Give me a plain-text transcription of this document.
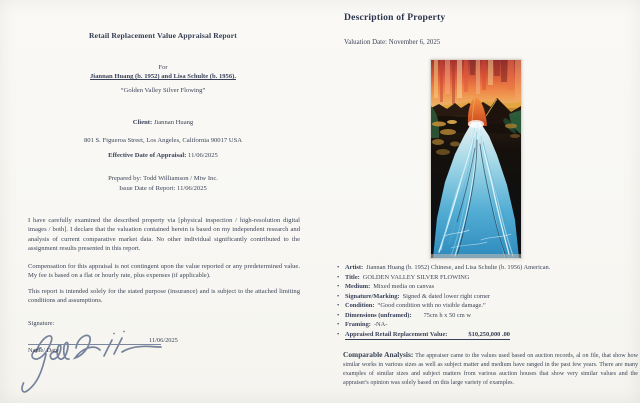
Retail Replacement Value Appraisal Report
For
Jiannan Huang (b. 1952) and Lisa Schulte (b. 1956).
“Golden Valley Silver Flowing”
Client: Jiannan Huang
801 S. Figueroa Street, Los Angeles, California 90017 USA
Effective Date of Appraisal: 11/06/2025
Prepared by: Todd Williamson / Mtw Inc.
Issue Date of Report: 11/06/2025

I have carefully examined the described property via [physical inspection / high-resolution digital images / both]. I declare that the valuation contained herein is based on my independent research and analysis of current comparative market data. No other individual significantly contributed to the assignment results presented in this report.

Compensation for this appraisal is not contingent upon the value reported or any predetermined value. My fee is based on a flat or hourly rate, plus expenses (if applicable).

This report is intended solely for the stated purpose (insurance) and is subject to the attached limiting conditions and assumptions.

Signature:
11/06/2025
Name/ Date
Description of Property
Valuation Date: November 6, 2025
• Artist: Jiannan Huang (b. 1952) Chinese, and Lisa Schulte (b. 1956) American.
• Title: GOLDEN VALLEY SILVER FLOWING
• Medium: Mixed media on canvas
• Signature/Marking: Signed & dated lower right corner
• Condition: “Good condition with no visible damage.”
• Dimensions (unframed): 75cm h x 50 cm w
• Framing: -NA-
• Appraised Retail Replacement Value:	$10,250,000 .00

Comparable Analysis: The appraiser came to the values used based on auction records, al on file, that show how similar works in various sizes as well as subject matter and medium have ranged in the past few years. There are many examples of similar sizes and subject matters from various auction houses that show very similar values and the appraiser's opinion was solely based on this large variety of examples.
